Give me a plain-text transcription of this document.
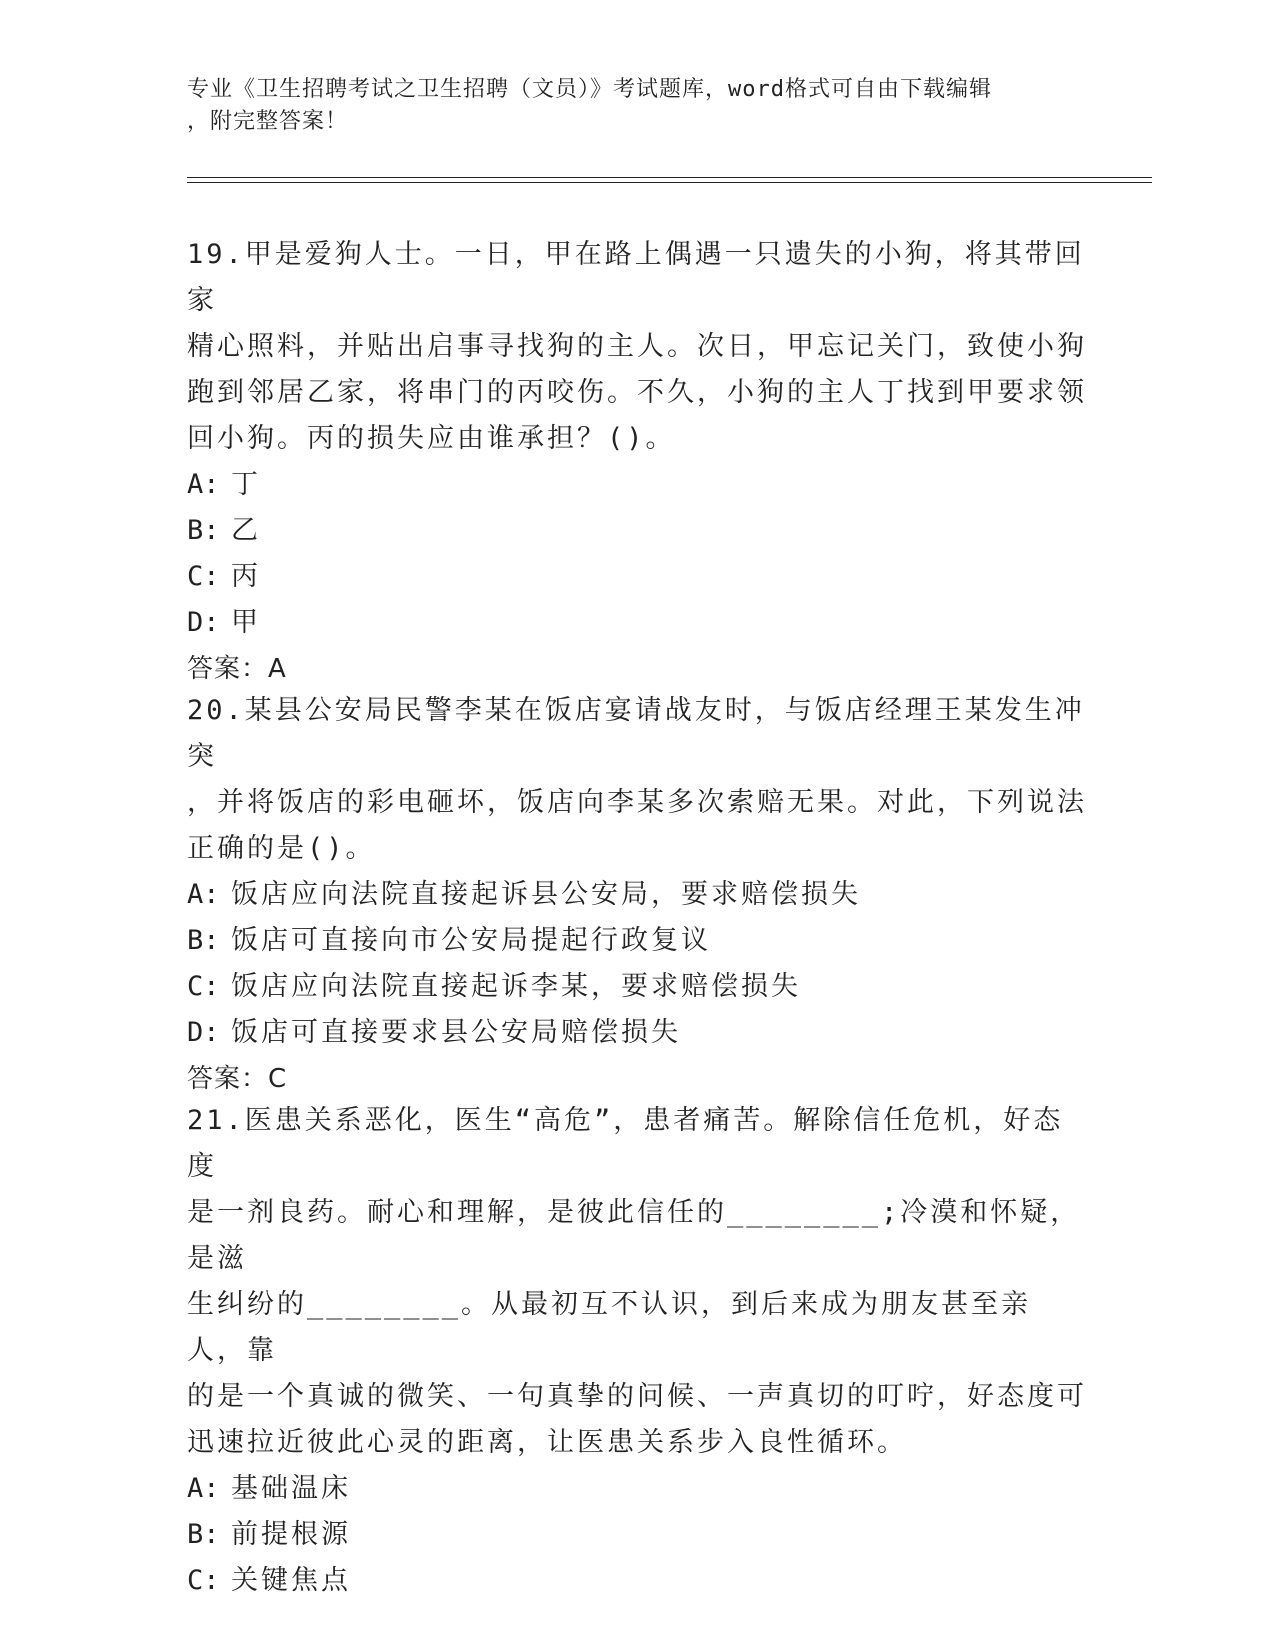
专业《卫生招聘考试之卫生招聘（文员）》考试题库，word格式可自由下载编辑

，附完整答案！

19.甲是爱狗人士。一日，甲在路上偶遇一只遗失的小狗，将其带回家

精心照料，并贴出启事寻找狗的主人。次日，甲忘记关门，致使小狗

跑到邻居乙家，将串门的丙咬伤。不久，小狗的主人丁找到甲要求领

回小狗。丙的损失应由谁承担？()。

A: 丁

B: 乙

C: 丙

D: 甲

答案：A

20.某县公安局民警李某在饭店宴请战友时，与饭店经理王某发生冲突

，并将饭店的彩电砸坏，饭店向李某多次索赔无果。对此，下列说法

正确的是()。

A: 饭店应向法院直接起诉县公安局，要求赔偿损失

B: 饭店可直接向市公安局提起行政复议

C: 饭店应向法院直接起诉李某，要求赔偿损失

D: 饭店可直接要求县公安局赔偿损失

答案：C

21.医患关系恶化，医生“高危”，患者痛苦。解除信任危机，好态度

是一剂良药。耐心和理解，是彼此信任的________;冷漠和怀疑，是滋

生纠纷的________。从最初互不认识，到后来成为朋友甚至亲人，靠

的是一个真诚的微笑、一句真挚的问候、一声真切的叮咛，好态度可

迅速拉近彼此心灵的距离，让医患关系步入良性循环。

A: 基础温床

B: 前提根源

C: 关键焦点
